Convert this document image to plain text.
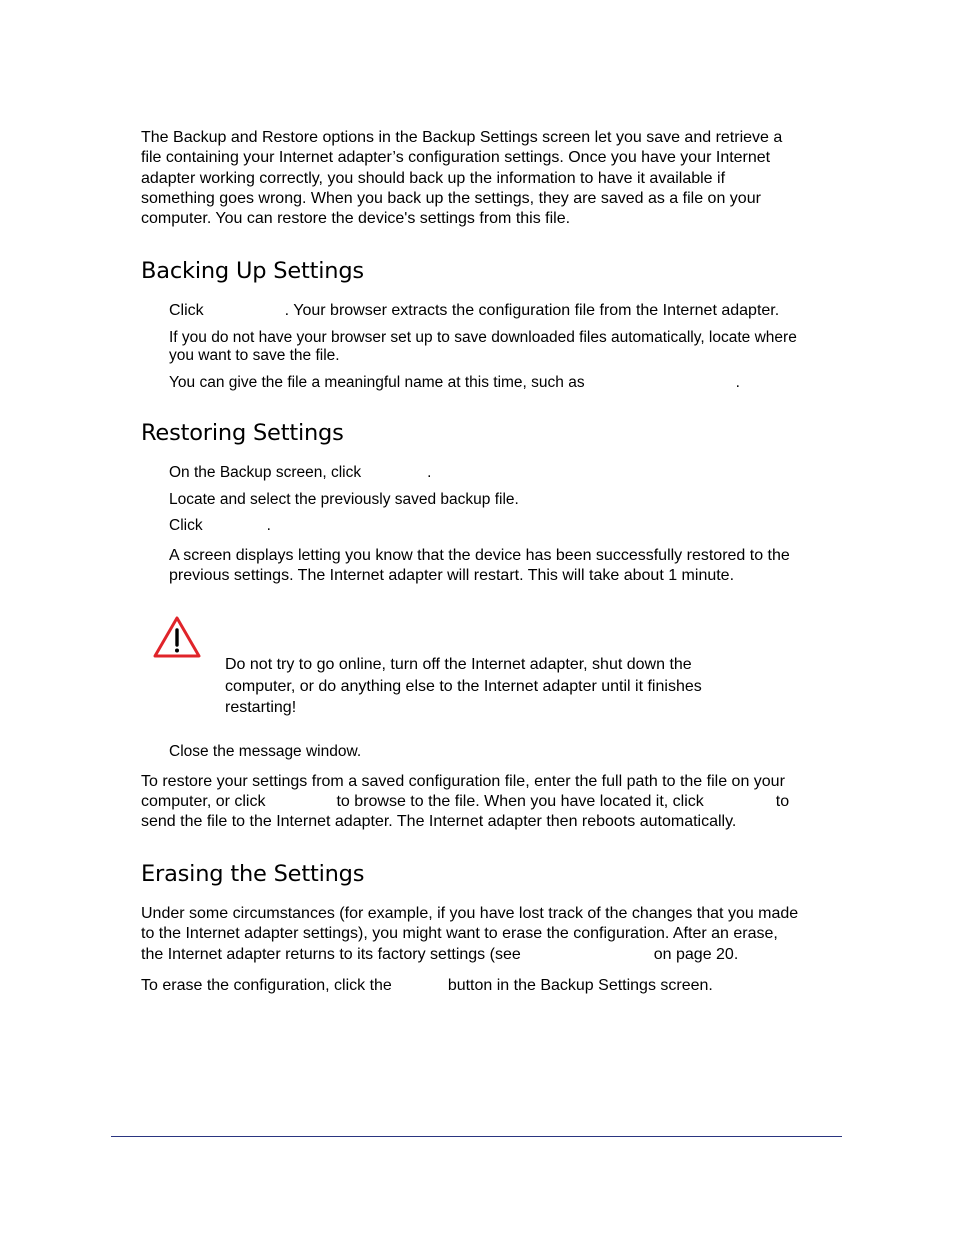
The Backup and Restore options in the Backup Settings screen let you save and retrieve a
file containing your Internet adapter’s configuration settings. Once you have your Internet
adapter working correctly, you should back up the information to have it available if
something goes wrong. When you back up the settings, they are saved as a file on your
computer. You can restore the device's settings from this file.
Backing Up Settings
Click	. Your browser extracts the configuration file from the Internet adapter.
If you do not have your browser set up to save downloaded files automatically, locate where
you want to save the file.
You can give the file a meaningful name at this time, such as	.
Restoring Settings
On the Backup screen, click	.
Locate and select the previously saved backup file.
Click	.
A screen displays letting you know that the device has been successfully restored to the
previous settings. The Internet adapter will restart. This will take about 1 minute.
Do not try to go online, turn off the Internet adapter, shut down the
computer, or do anything else to the Internet adapter until it finishes
restarting!
Close the message window.
To restore your settings from a saved configuration file, enter the full path to the file on your
computer, or click	to browse to the file. When you have located it, click	to
send the file to the Internet adapter. The Internet adapter then reboots automatically.
Erasing the Settings
Under some circumstances (for example, if you have lost track of the changes that you made
to the Internet adapter settings), you might want to erase the configuration. After an erase,
the Internet adapter returns to its factory settings (see	on page 20.
To erase the configuration, click the	button in the Backup Settings screen.
